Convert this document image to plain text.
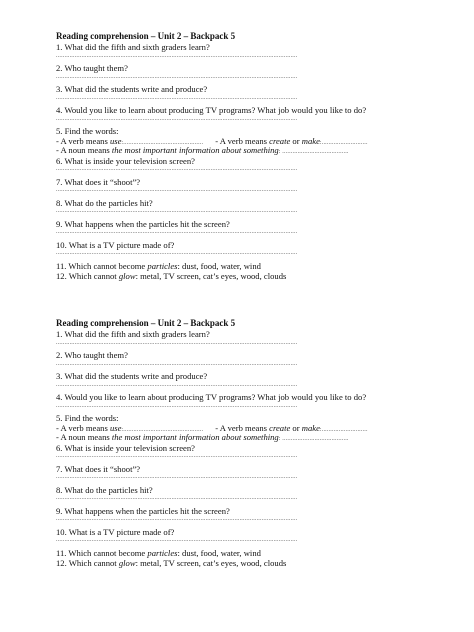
Reading comprehension – Unit 2 – Backpack 5
1. What did the fifth and sixth graders learn?
..............................................................................................................................................
2. Who taught them?
..............................................................................................................................................
3. What did the students write and produce?
..............................................................................................................................................
4. Would you like to learn about producing TV programs? What job would you like to do?
..............................................................................................................................................
5. Find the words:
- A verb means use:............................................... - A verb means create or make:...........................
- A noun means the most important information about something: .......................................
6. What is inside your television screen?
..............................................................................................................................................
7. What does it “shoot”?
..............................................................................................................................................
8. What do the particles hit?
..............................................................................................................................................
9. What happens when the particles hit the screen?
..............................................................................................................................................
10. What is a TV picture made of?
..............................................................................................................................................
11. Which cannot become particles: dust, food, water, wind
12. Which cannot glow: metal, TV screen, cat’s eyes, wood, clouds
Reading comprehension – Unit 2 – Backpack 5
1. What did the fifth and sixth graders learn?
..............................................................................................................................................
2. Who taught them?
..............................................................................................................................................
3. What did the students write and produce?
..............................................................................................................................................
4. Would you like to learn about producing TV programs? What job would you like to do?
..............................................................................................................................................
5. Find the words:
- A verb means use:............................................... - A verb means create or make:...........................
- A noun means the most important information about something: .......................................
6. What is inside your television screen?
..............................................................................................................................................
7. What does it “shoot”?
..............................................................................................................................................
8. What do the particles hit?
..............................................................................................................................................
9. What happens when the particles hit the screen?
..............................................................................................................................................
10. What is a TV picture made of?
..............................................................................................................................................
11. Which cannot become particles: dust, food, water, wind
12. Which cannot glow: metal, TV screen, cat’s eyes, wood, clouds
